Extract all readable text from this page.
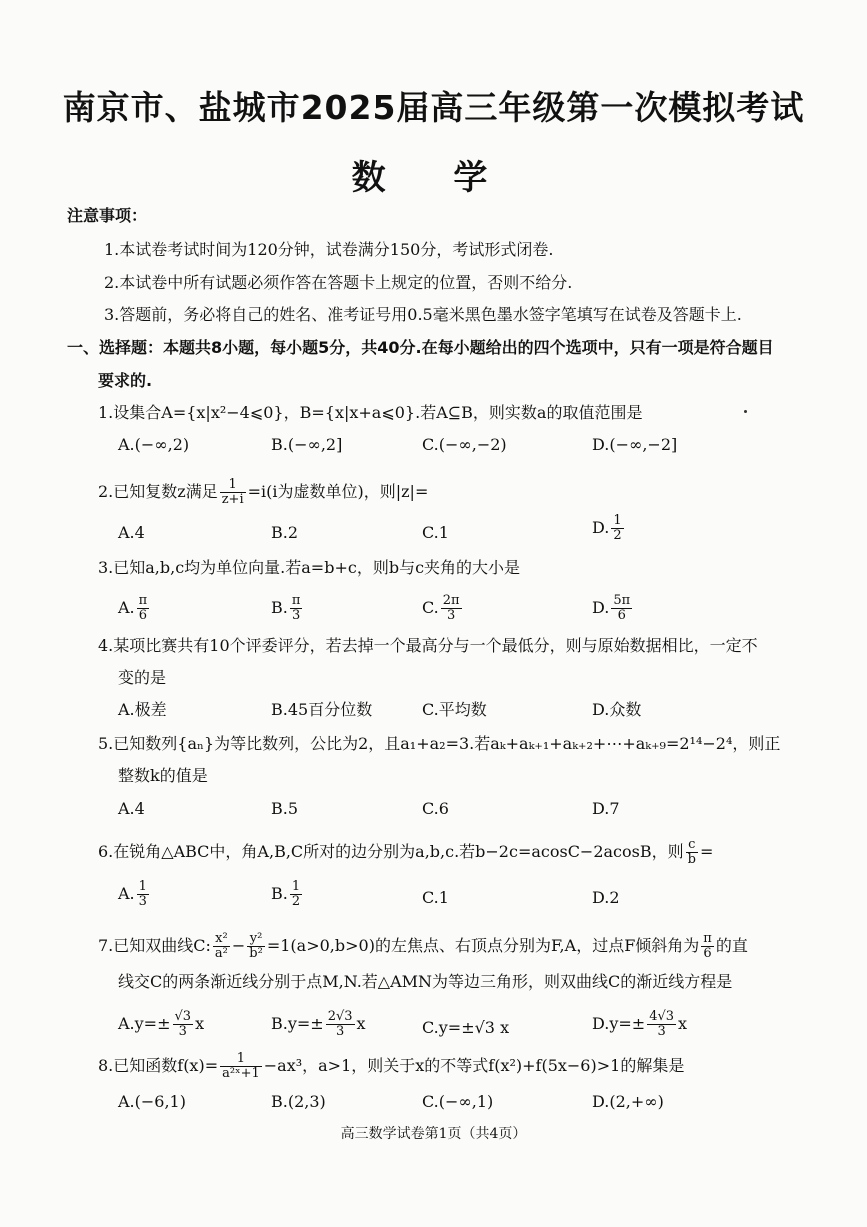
南京市、盐城市2025届高三年级第一次模拟考试
数 学
注意事项：
1.本试卷考试时间为120分钟，试卷满分150分，考试形式闭卷.
2.本试卷中所有试题必须作答在答题卡上规定的位置，否则不给分.
3.答题前，务必将自己的姓名、准考证号用0.5毫米黑色墨水签字笔填写在试卷及答题卡上.
一、选择题：本题共8小题，每小题5分，共40分.在每小题给出的四个选项中，只有一项是符合题目
要求的.
1.设集合A={x|x²−4⩽0}，B={x|x+a⩽0}.若A⊆B，则实数a的取值范围是
A.(−∞,2)	B.(−∞,2]	C.(−∞,−2)	D.(−∞,−2]
2.已知复数z满足 $\frac{1}{z+i} =i(i$为虚数单位)，则|z|=
A.4	B.2	C.1	D. $\frac{1}{2}$
3.已知a,b,c均为单位向量.若a=b+c，则b与c夹角的大小是
A. $\frac{\pi}{6}$	B. $\frac{\pi}{3}$	C. $\frac{2\pi}{3}$	D. $\frac{5\pi}{6}$
4.某项比赛共有10个评委评分，若去掉一个最高分与一个最低分，则与原始数据相比，一定不
变的是
A.极差	B.45百分位数	C.平均数	D.众数
5.已知数列{aₙ}为等比数列，公比为2，且a₁+a₂=3.若aₖ+aₖ₊₁+aₖ₊₂+⋯+aₖ₊₉=2¹⁴−2⁴，则正
整数k的值是
A.4	B.5	C.6	D.7
6.在锐角△ABC中，角A,B,C所对的边分别为a,b,c.若b−2c=acosC−2acosB，则 $\frac{c}{b}$ =
A. $\frac{1}{3}$	B. $\frac{1}{2}$	C.1	D.2
7.已知双曲线C: $\frac{\text{x²}}{\text{a²}} - \frac{\text{y²}}{\text{b²}} =1(a>0,b>0)$的左焦点、右顶点分别为F,A，过点F倾斜角为 $\frac{\pi}{6}$ 的直
线交C的两条渐近线分别于点M,N.若△AMN为等边三角形，则双曲线C的渐近线方程是
$A.y=\pm \frac{√3}{3}$ x	$B.y=\pm \frac{2√3}{3}$ x	C.y=±√3 x	$D.y=\pm \frac{4√3}{3}$ x
8.已知函数$f(x)= \frac{1}{\text{a²ˣ+1}} -ax^3$，a>1，则关于x的不等式f(x²)+f(5x−6)>1的解集是
A.(−6,1)	B.(2,3)	C.(−∞,1)	D.(2,+∞)
高三数学试卷第1页（共4页）
